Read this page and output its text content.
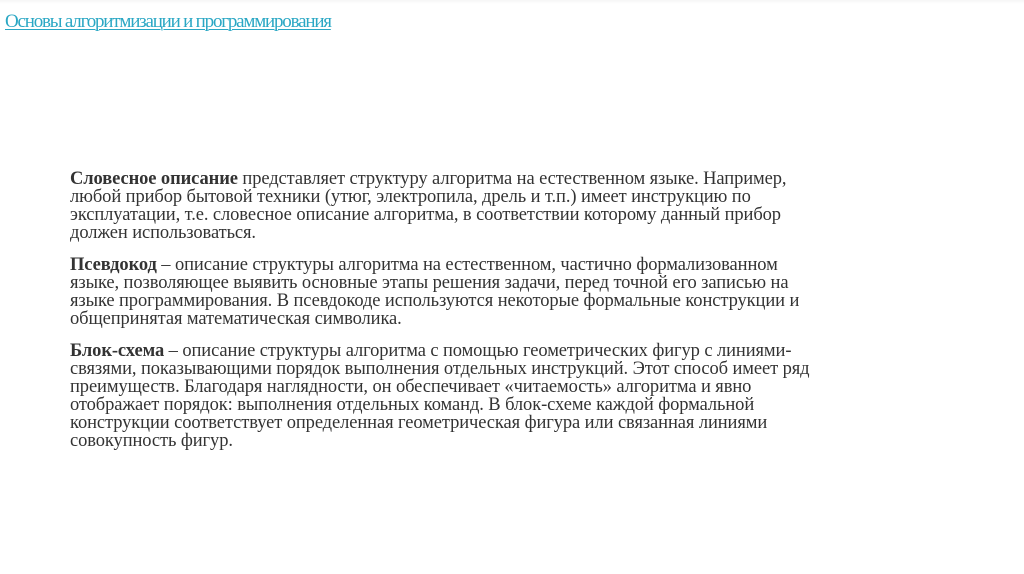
Основы алгоритмизации и программирования
Словесное описание представляет структуру алгоритма на естественном языке. Например,
любой прибор бытовой техники (утюг, электропила, дрель и т.п.) имеет инструкцию по
эксплуатации, т.е. словесное описание алгоритма, в соответствии которому данный прибор
должен использоваться.
Псевдокод – описание структуры алгоритма на естественном, частично формализованном
языке, позволяющее выявить основные этапы решения задачи, перед точной его записью на
языке программирования. В псевдокоде используются некоторые формальные конструкции и
общепринятая математическая символика.
Блок-схема – описание структуры алгоритма с помощью геометрических фигур с линиями-
связями, показывающими порядок выполнения отдельных инструкций. Этот способ имеет ряд
преимуществ. Благодаря наглядности, он обеспечивает «читаемость» алгоритма и явно
отображает порядок: выполнения отдельных команд. В блок-схеме каждой формальной
конструкции соответствует определенная геометрическая фигура или связанная линиями
совокупность фигур.
